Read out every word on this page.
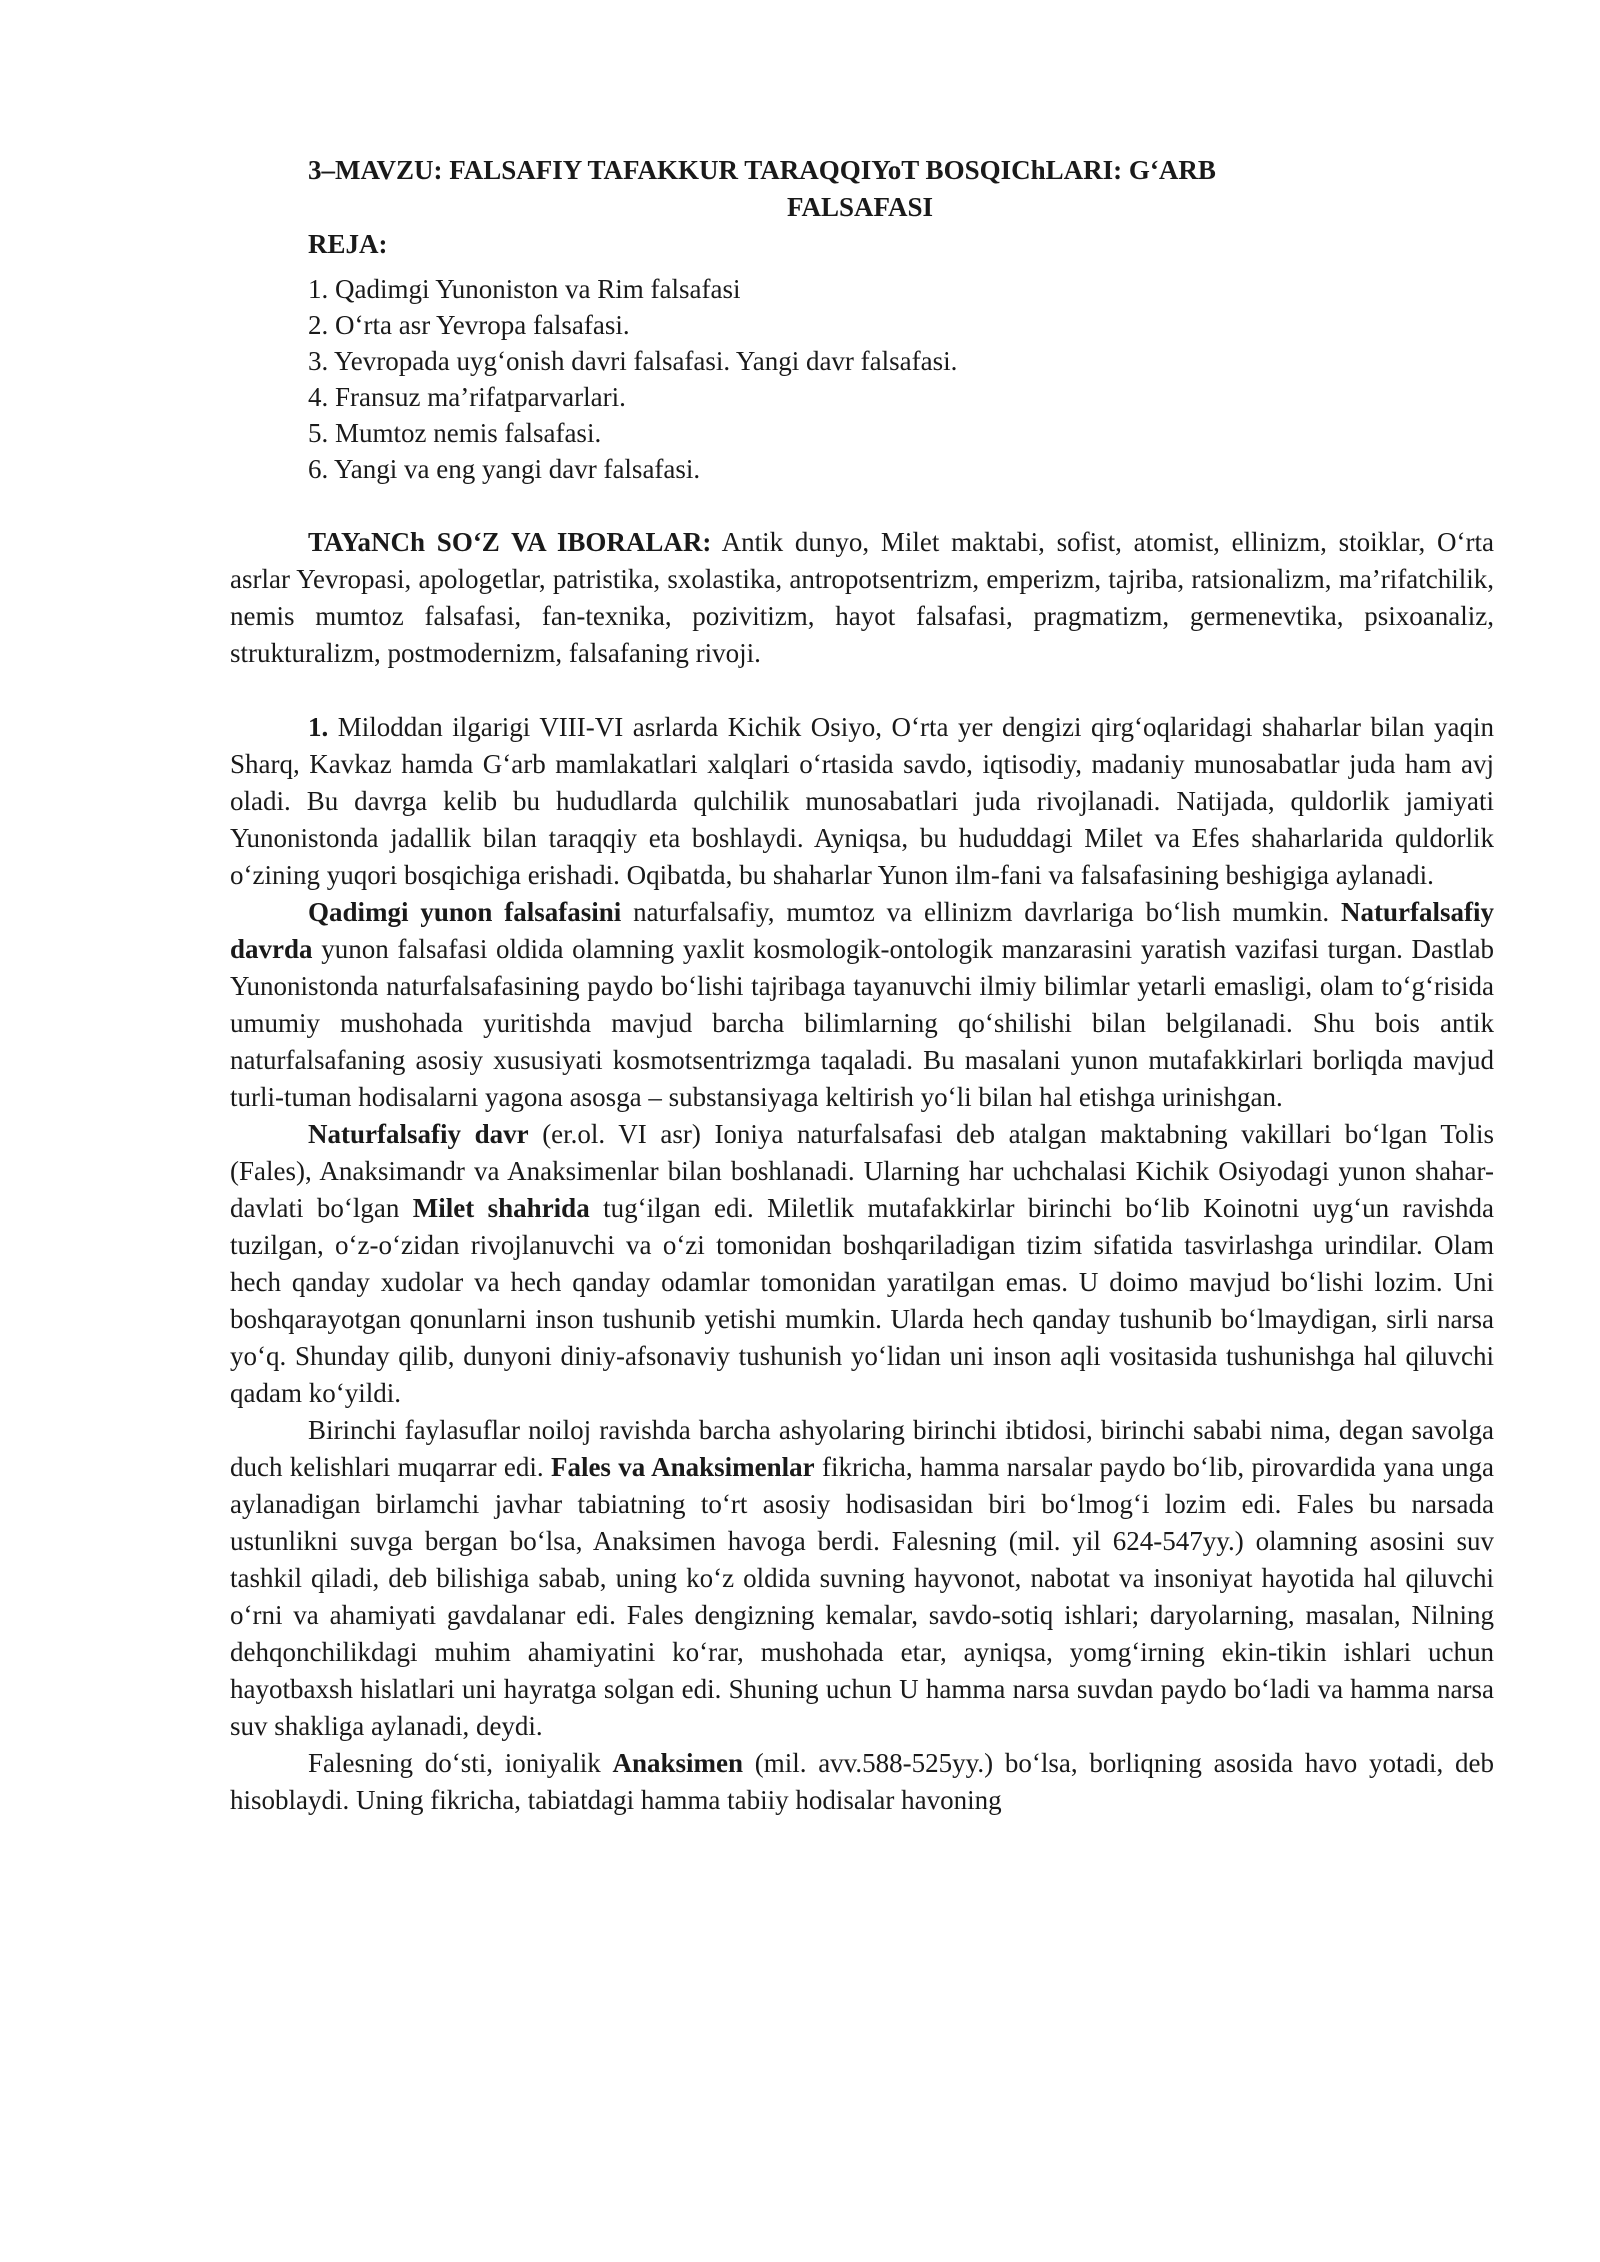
3–MAVZU: FALSAFIY TAFAKKUR TARAQQIYoT BOSQIChLARI: G‘ARB
FALSAFASI
REJA:
1. Qadimgi Yunoniston va Rim falsafasi
2. O‘rta asr Yevropa falsafasi.
3. Yevropada uyg‘onish davri falsafasi. Yangi davr falsafasi.
4. Fransuz ma’rifatparvarlari.
5. Mumtoz nemis falsafasi.
6. Yangi va eng yangi davr falsafasi.

TAYaNCh SO‘Z VA IBORALAR: Antik dunyo, Milet maktabi, sofist, atomist, ellinizm, stoiklar, O‘rta asrlar Yevropasi, apologetlar, patristika, sxolastika, antropotsentrizm, emperizm, tajriba, ratsionalizm, ma’rifatchilik, nemis mumtoz falsafasi, fan-texnika, pozivitizm, hayot falsafasi, pragmatizm, germenevtika, psixoanaliz, strukturalizm, postmodernizm, falsafaning rivoji.

1. Miloddan ilgarigi VIII-VI asrlarda Kichik Osiyo, O‘rta yer dengizi qirg‘oqlaridagi shaharlar bilan yaqin Sharq, Kavkaz hamda G‘arb mamlakatlari xalqlari o‘rtasida savdo, iqtisodiy, madaniy munosabatlar juda ham avj oladi. Bu davrga kelib bu hududlarda qulchilik munosabatlari juda rivojlanadi. Natijada, quldorlik jamiyati Yunonistonda jadallik bilan taraqqiy eta boshlaydi. Ayniqsa, bu hududdagi Milet va Efes shaharlarida quldorlik o‘zining yuqori bosqichiga erishadi. Oqibatda, bu shaharlar Yunon ilm-fani va falsafasining beshigiga aylanadi.

Qadimgi yunon falsafasini naturfalsafiy, mumtoz va ellinizm davrlariga bo‘lish mumkin. Naturfalsafiy davrda yunon falsafasi oldida olamning yaxlit kosmologik-ontologik manzarasini yaratish vazifasi turgan. Dastlab Yunonistonda naturfalsafasining paydo bo‘lishi tajribaga tayanuvchi ilmiy bilimlar yetarli emasligi, olam to‘g‘risida umumiy mushohada yuritishda mavjud barcha bilimlarning qo‘shilishi bilan belgilanadi. Shu bois antik naturfalsafaning asosiy xususiyati kosmotsentrizmga taqaladi. Bu masalani yunon mutafakkirlari borliqda mavjud turli-tuman hodisalarni yagona asosga – substansiyaga keltirish yo‘li bilan hal etishga urinishgan.

Naturfalsafiy davr (er.ol. VI asr) Ioniya naturfalsafasi deb atalgan maktabning vakillari bo‘lgan Tolis (Fales), Anaksimandr va Anaksimenlar bilan boshlanadi. Ularning har uchchalasi Kichik Osiyodagi yunon shahar-davlati bo‘lgan Milet shahrida tug‘ilgan edi. Miletlik mutafakkirlar birinchi bo‘lib Koinotni uyg‘un ravishda tuzilgan, o‘z-o‘zidan rivojlanuvchi va o‘zi tomonidan boshqariladigan tizim sifatida tasvirlashga urindilar. Olam hech qanday xudolar va hech qanday odamlar tomonidan yaratilgan emas. U doimo mavjud bo‘lishi lozim. Uni boshqarayotgan qonunlarni inson tushunib yetishi mumkin. Ularda hech qanday tushunib bo‘lmaydigan, sirli narsa yo‘q. Shunday qilib, dunyoni diniy-afsonaviy tushunish yo‘lidan uni inson aqli vositasida tushunishga hal qiluvchi qadam ko‘yildi.

Birinchi faylasuflar noiloj ravishda barcha ashyolaring birinchi ibtidosi, birinchi sababi nima, degan savolga duch kelishlari muqarrar edi. Fales va Anaksimenlar fikricha, hamma narsalar paydo bo‘lib, pirovardida yana unga aylanadigan birlamchi javhar tabiatning to‘rt asosiy hodisasidan biri bo‘lmog‘i lozim edi. Fales bu narsada ustunlikni suvga bergan bo‘lsa, Anaksimen havoga berdi. Falesning (mil. yil 624-547yy.) olamning asosini suv tashkil qiladi, deb bilishiga sabab, uning ko‘z oldida suvning hayvonot, nabotat va insoniyat hayotida hal qiluvchi o‘rni va ahamiyati gavdalanar edi. Fales dengizning kemalar, savdo-sotiq ishlari; daryolarning, masalan, Nilning dehqonchilikdagi muhim ahamiyatini ko‘rar, mushohada etar, ayniqsa, yomg‘irning ekin-tikin ishlari uchun hayotbaxsh hislatlari uni hayratga solgan edi. Shuning uchun U hamma narsa suvdan paydo bo‘ladi va hamma narsa suv shakliga aylanadi, deydi.

Falesning do‘sti, ioniyalik Anaksimen (mil. avv.588-525yy.) bo‘lsa, borliqning asosida havo yotadi, deb hisoblaydi. Uning fikricha, tabiatdagi hamma tabiiy hodisalar havoning
